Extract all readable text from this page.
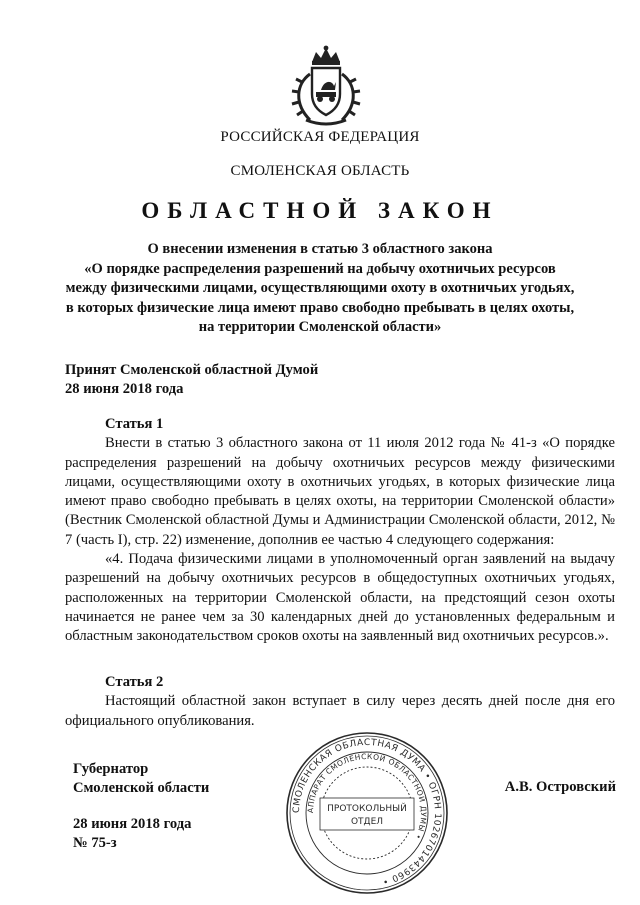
РОССИЙСКАЯ ФЕДЕРАЦИЯ
СМОЛЕНСКАЯ ОБЛАСТЬ
ОБЛАСТНОЙ ЗАКОН
О внесении изменения в статью 3 областного закона
«О порядке распределения разрешений на добычу охотничьих ресурсов
между физическими лицами, осуществляющими охоту в охотничьих угодьях,
в которых физические лица имеют право свободно пребывать в целях охоты,
на территории Смоленской области»
Принят Смоленской областной Думой
28 июня 2018 года
Статья 1

Внести в статью 3 областного закона от 11 июля 2012 года № 41-з «О порядке распределения разрешений на добычу охотничьих ресурсов между физическими лицами, осуществляющими охоту в охотничьих угодьях, в которых физические лица имеют право свободно пребывать в целях охоты, на территории Смоленской области» (Вестник Смоленской областной Думы и Администрации Смоленской области, 2012, № 7 (часть I), стр. 22) изменение, дополнив ее частью 4 следующего содержания:

«4. Подача физическими лицами в уполномоченный орган заявлений на выдачу разрешений на добычу охотничьих ресурсов в общедоступных охотничьих угодьях, расположенных на территории Смоленской области, на предстоящий сезон охоты начинается не ранее чем за 30 календарных дней до установленных федеральным и областным законодательством сроков охоты на заявленный вид охотничьих ресурсов.».

Статья 2

Настоящий областной закон вступает в силу через десять дней после дня его официального опубликования.

Губернатор
Смоленской области	А.В. Островский
28 июня 2018 года
№ 75-з
СМОЛЕНСКАЯ ОБЛАСТНАЯ ДУМА • ОГРН 1026701443960 •
АППАРАТ СМОЛЕНСКОЙ ОБЛАСТНОЙ ДУМЫ •
ПРОТОКОЛЬНЫЙ
ОТДЕЛ
